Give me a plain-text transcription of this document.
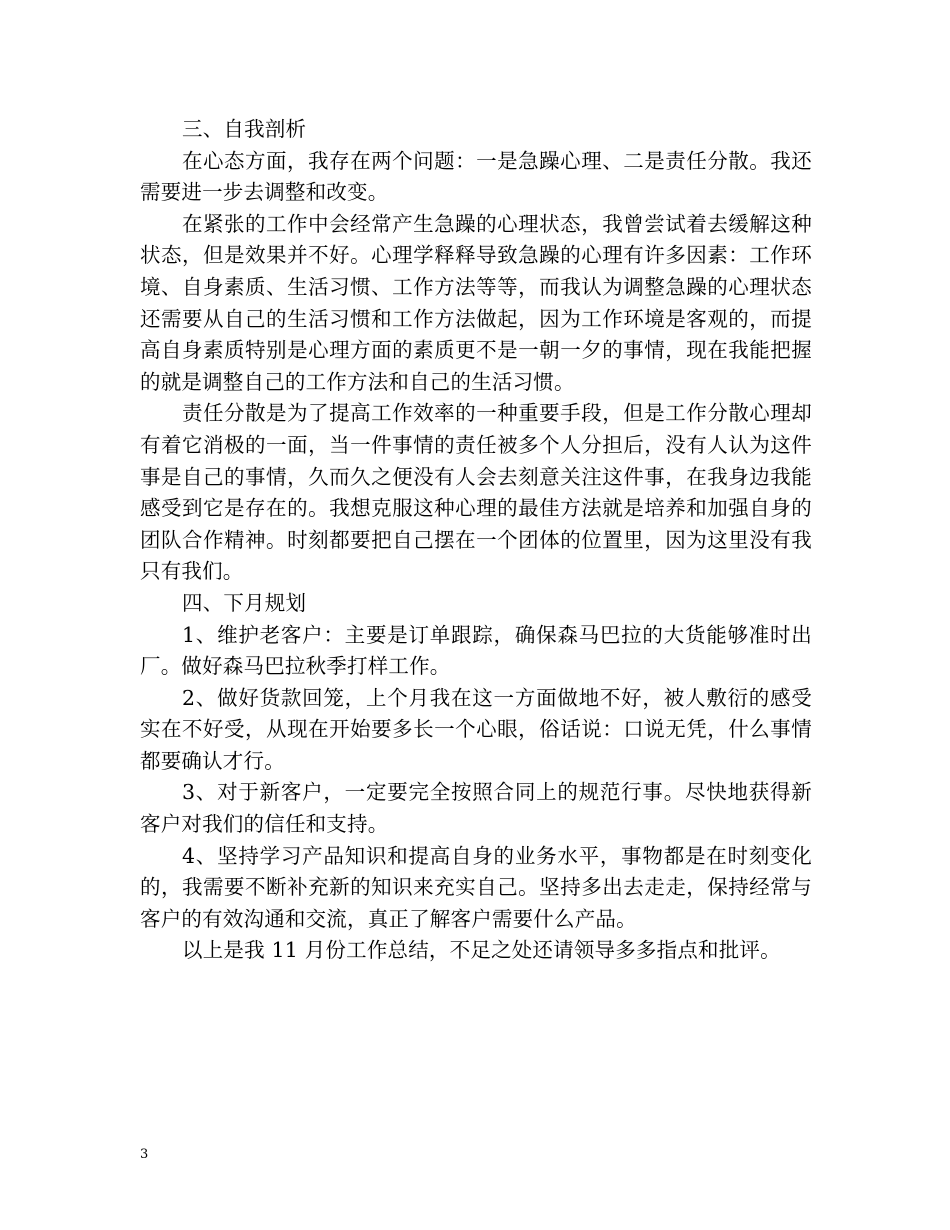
三、自我剖析

在心态方面，我存在两个问题：一是急躁心理、二是责任分散。我还需要进一步去调整和改变。

在紧张的工作中会经常产生急躁的心理状态，我曾尝试着去缓解这种状态，但是效果并不好。心理学释释导致急躁的心理有许多因素：工作环境、自身素质、生活习惯、工作方法等等，而我认为调整急躁的心理状态还需要从自己的生活习惯和工作方法做起，因为工作环境是客观的，而提高自身素质特别是心理方面的素质更不是一朝一夕的事情，现在我能把握的就是调整自己的工作方法和自己的生活习惯。

责任分散是为了提高工作效率的一种重要手段，但是工作分散心理却有着它消极的一面，当一件事情的责任被多个人分担后，没有人认为这件事是自己的事情，久而久之便没有人会去刻意关注这件事，在我身边我能感受到它是存在的。我想克服这种心理的最佳方法就是培养和加强自身的团队合作精神。时刻都要把自己摆在一个团体的位置里，因为这里没有我只有我们。

四、下月规划

1、维护老客户：主要是订单跟踪，确保森马巴拉的大货能够准时出厂。做好森马巴拉秋季打样工作。

2、做好货款回笼，上个月我在这一方面做地不好，被人敷衍的感受实在不好受，从现在开始要多长一个心眼，俗话说：口说无凭，什么事情都要确认才行。

3、对于新客户，一定要完全按照合同上的规范行事。尽快地获得新客户对我们的信任和支持。

4、坚持学习产品知识和提高自身的业务水平，事物都是在时刻变化的，我需要不断补充新的知识来充实自己。坚持多出去走走，保持经常与客户的有效沟通和交流，真正了解客户需要什么产品。

以上是我 11 月份工作总结，不足之处还请领导多多指点和批评。

3
